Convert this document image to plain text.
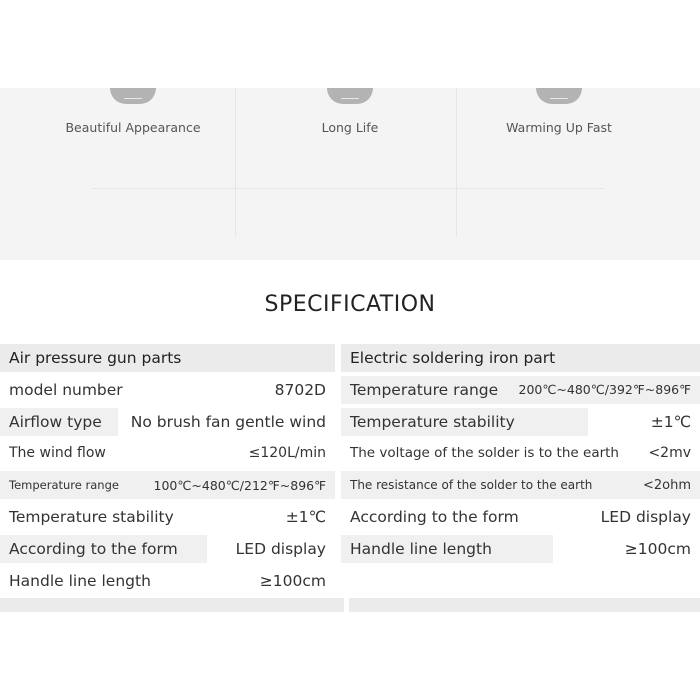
Beautiful Appearance	Long Life	Warming Up Fast
SPECIFICATION
Air pressure gun parts
model number	8702D
Airflow type	No brush fan gentle wind
The wind flow	≤120L/min
Temperature range	100℃~480℃/212℉~896℉
Temperature stability	±1℃
According to the form	LED display
Handle line length	≥100cm
Electric soldering iron part
Temperature range 200℃~480℃/392℉~896℉
Temperature stability	±1℃
The voltage of the solder is to the earth <2mv
The resistance of the solder to the earth	<2ohm
According to the form	LED display
Handle line length	≥100cm
